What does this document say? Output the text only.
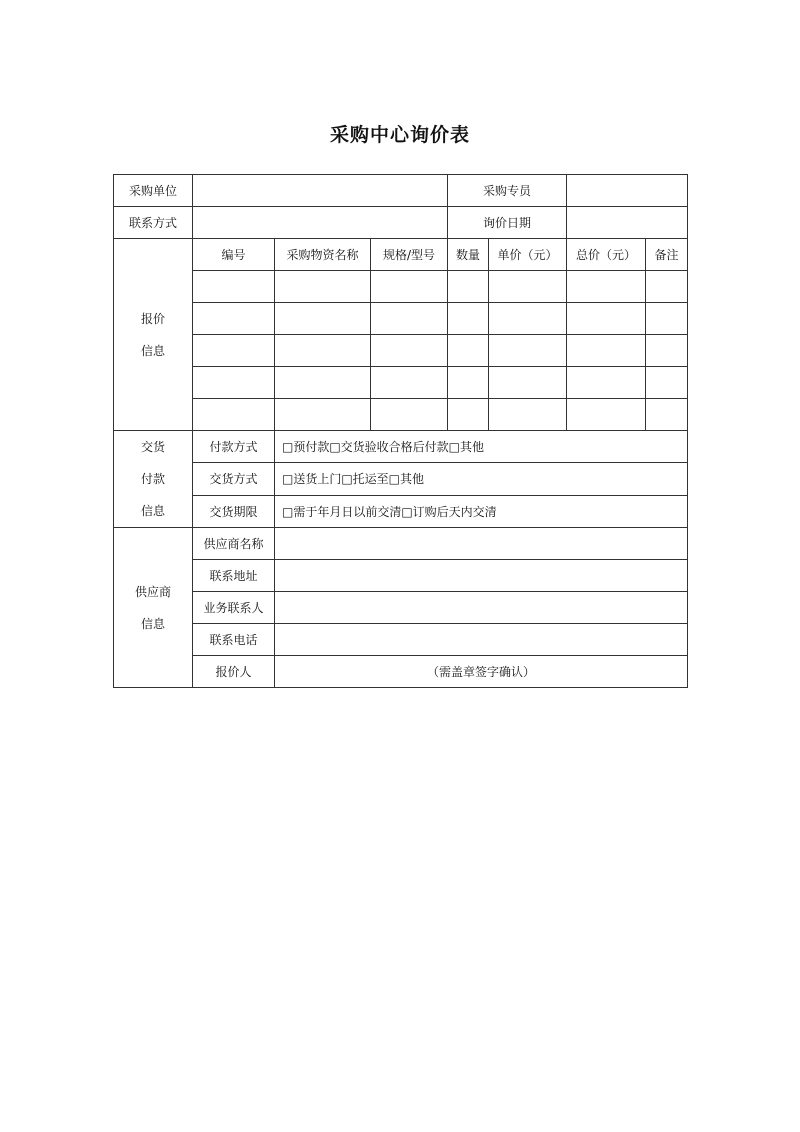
采购中心询价表
采购单位				采购专员			
联系方式				询价日期			

报价
信息	编号	采购物资名称	规格/型号	数量	单价（元）	总价（元）	备注

交货
付款
信息	付款方式	□预付款□交货验收合格后付款□其他					
	交货方式	□送货上门□托运至□其他					
	交货期限	□需于年月日以前交清□订购后天内交清					

供应商
信息	供应商名称						
	联系地址						
	业务联系人						
	联系电话						
	报价人	（需盖章签字确认）					
